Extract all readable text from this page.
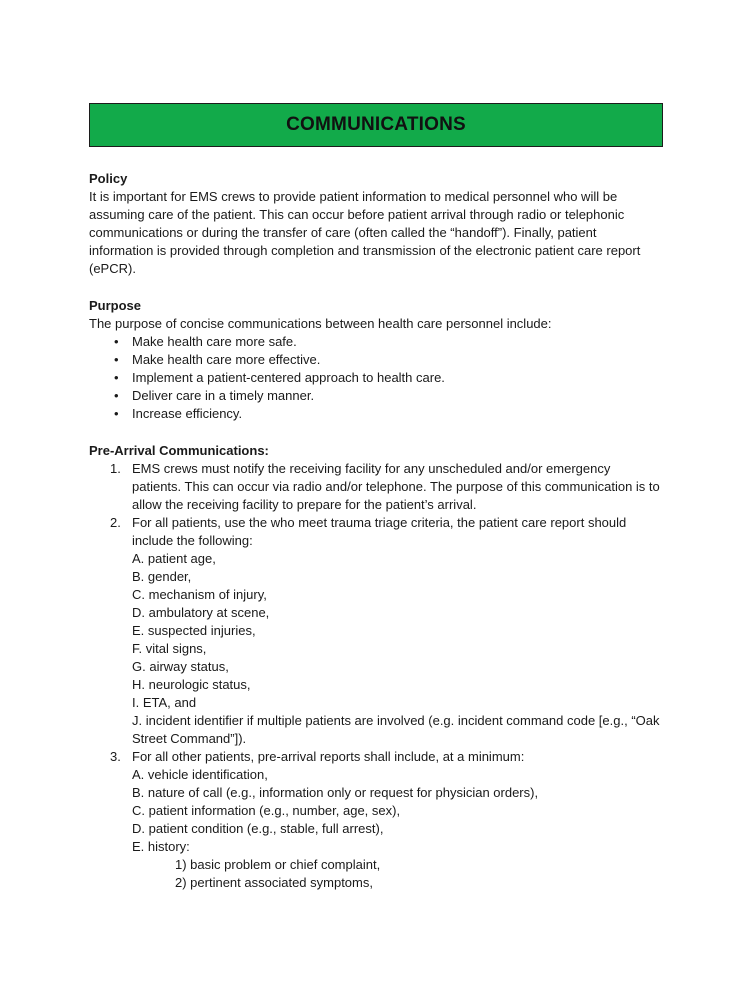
COMMUNICATIONS
Policy

It is important for EMS crews to provide patient information to medical personnel who will be assuming care of the patient. This can occur before patient arrival through radio or telephonic communications or during the transfer of care (often called the “handoff”). Finally, patient information is provided through completion and transmission of the electronic patient care report (ePCR).

Purpose

The purpose of concise communications between health care personnel include:

• Make health care more safe.
• Make health care more effective.
• Implement a patient-centered approach to health care.
• Deliver care in a timely manner.
• Increase efficiency.
Pre-Arrival Communications:
1. EMS crews must notify the receiving facility for any unscheduled and/or emergency patients. This can occur via radio and/or telephone. The purpose of this communication is to allow the receiving facility to prepare for the patient’s arrival.
2. For all patients, use the who meet trauma triage criteria, the patient care report should include the following:
A. patient age,
B. gender,
C. mechanism of injury,
D. ambulatory at scene,
E. suspected injuries,
F. vital signs,
G. airway status,
H. neurologic status,
I. ETA, and
J. incident identifier if multiple patients are involved (e.g. incident command code [e.g., “Oak Street Command”]).
3. For all other patients, pre-arrival reports shall include, at a minimum:
A. vehicle identification,
B. nature of call (e.g., information only or request for physician orders),
C. patient information (e.g., number, age, sex),
D. patient condition (e.g., stable, full arrest),
E. history:
1) basic problem or chief complaint,
2) pertinent associated symptoms,
